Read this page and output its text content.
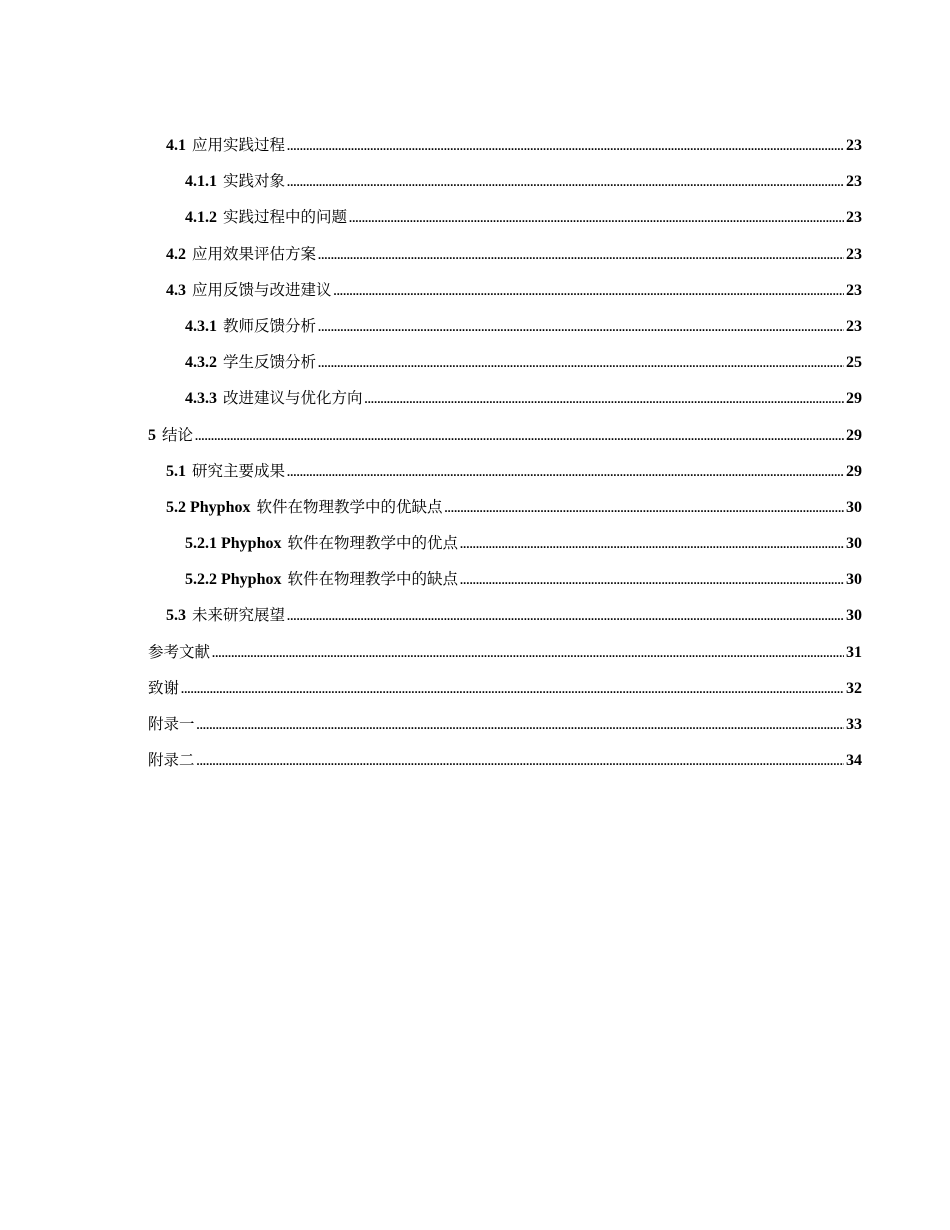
4.1 应用实践过程 .....	23
4.1.1 实践对象 .....	23
4.1.2 实践过程中的问题 .....	23
4.2 应用效果评估方案 .....	23
4.3 应用反馈与改进建议 .....	23
4.3.1 教师反馈分析 .....	23
4.3.2 学生反馈分析 .....	25
4.3.3 改进建议与优化方向 .....	29
5 结论 .....	29
5.1 研究主要成果 .....	29
5.2 Phyphox 软件在物理教学中的优缺点 .....	30
5.2.1 Phyphox 软件在物理教学中的优点 .....	30
5.2.2 Phyphox 软件在物理教学中的缺点 .....	30
5.3 未来研究展望 .....	30
参考文献 .....	31
致谢 .....	32
附录一 .....	33
附录二 .....	34
